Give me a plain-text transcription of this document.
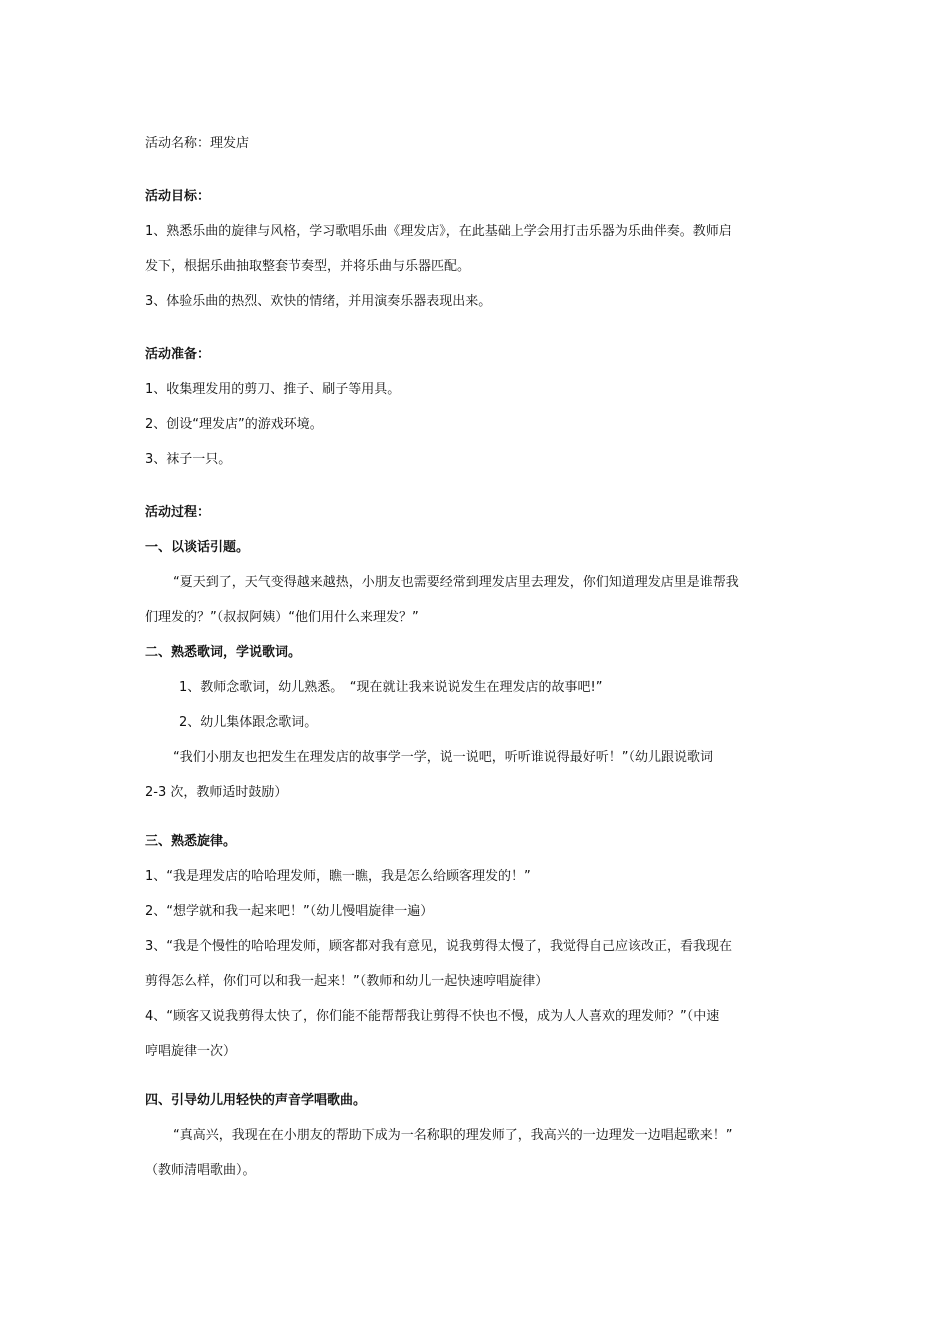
活动名称：理发店

活动目标：

1、熟悉乐曲的旋律与风格，学习歌唱乐曲《理发店》，在此基础上学会用打击乐器为乐曲伴奏。教师启

发下，根据乐曲抽取整套节奏型，并将乐曲与乐器匹配。

3、体验乐曲的热烈、欢快的情绪，并用演奏乐器表现出来。

活动准备：

1、收集理发用的剪刀、推子、刷子等用具。

2、创设“理发店”的游戏环境。

3、袜子一只。

活动过程：

一、以谈话引题。

“夏天到了，天气变得越来越热，小朋友也需要经常到理发店里去理发，你们知道理发店里是谁帮我

们理发的？”（叔叔阿姨）“他们用什么来理发？”

二、熟悉歌词，学说歌词。

1、教师念歌词，幼儿熟悉。　“现在就让我来说说发生在理发店的故事吧!”

2、幼儿集体跟念歌词。

“我们小朋友也把发生在理发店的故事学一学，说一说吧，听听谁说得最好听！”（幼儿跟说歌词

2-3 次，教师适时鼓励）

三、熟悉旋律。

1、“我是理发店的哈哈理发师，瞧一瞧，我是怎么给顾客理发的！”

2、“想学就和我一起来吧！”（幼儿慢唱旋律一遍）

3、“我是个慢性的哈哈理发师，顾客都对我有意见，说我剪得太慢了，我觉得自己应该改正，看我现在

剪得怎么样，你们可以和我一起来！”（教师和幼儿一起快速哼唱旋律）

4、“顾客又说我剪得太快了，你们能不能帮帮我让剪得不快也不慢，成为人人喜欢的理发师？”（中速

哼唱旋律一次）

四、引导幼儿用轻快的声音学唱歌曲。

“真高兴，我现在在小朋友的帮助下成为一名称职的理发师了，我高兴的一边理发一边唱起歌来！”

（教师清唱歌曲）。
